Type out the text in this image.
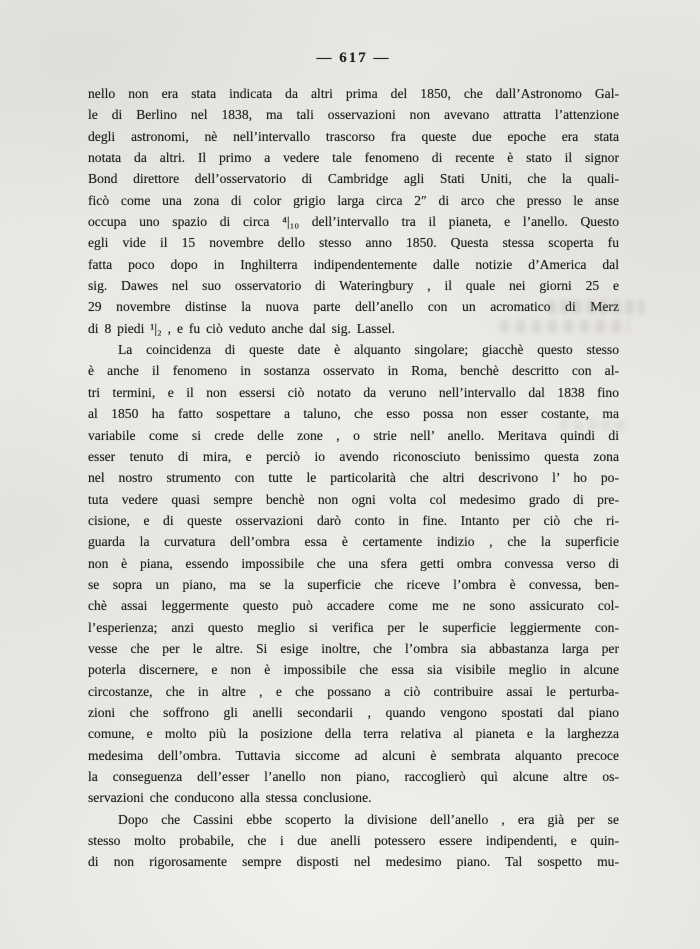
— 617 —
nello non era stata indicata da altri prima del 1850, che dall’Astronomo Gal-
le di Berlino nel 1838, ma tali osservazioni non avevano attratta l’attenzione
degli astronomi, nè nell’intervallo trascorso fra queste due epoche era stata
notata da altri. Il primo a vedere tale fenomeno di recente è stato il signor
Bond direttore dell’osservatorio di Cambridge agli Stati Uniti, che la quali-
ficò come una zona di color grigio larga circa 2″ di arco che presso le anse
occupa uno spazio di circa ⁴|₁₀ dell’intervallo tra il pianeta, e l’anello. Questo
egli vide il 15 novembre dello stesso anno 1850. Questa stessa scoperta fu
fatta poco dopo in Inghilterra indipendentemente dalle notizie d’America dal
sig. Dawes nel suo osservatorio di Wateringbury , il quale nei giorni 25 e
29 novembre distinse la nuova parte dell’anello con un acromatico di Merz
di 8 piedi ¹|₂ , e fu ciò veduto anche dal sig. Lassel.
La coincidenza di queste date è alquanto singolare; giacchè questo stesso
è anche il fenomeno in sostanza osservato in Roma, benchè descritto con al-
tri termini, e il non essersi ciò notato da veruno nell’intervallo dal 1838 fino
al 1850 ha fatto sospettare a taluno, che esso possa non esser costante, ma
variabile come si crede delle zone , o strie nell’ anello. Meritava quindi di
esser tenuto di mira, e perciò io avendo riconosciuto benissimo questa zona
nel nostro strumento con tutte le particolarità che altri descrivono l’ ho po-
tuta vedere quasi sempre benchè non ogni volta col medesimo grado di pre-
cisione, e di queste osservazioni darò conto in fine. Intanto per ciò che ri-
guarda la curvatura dell’ombra essa è certamente indizio , che la superficie
non è piana, essendo impossibile che una sfera getti ombra convessa verso di
se sopra un piano, ma se la superficie che riceve l’ombra è convessa, ben-
chè assai leggermente questo può accadere come me ne sono assicurato col-
l’esperienza; anzi questo meglio si verifica per le superficie leggiermente con-
vesse che per le altre. Si esige inoltre, che l’ombra sia abbastanza larga per
poterla discernere, e non è impossibile che essa sia visibile meglio in alcune
circostanze, che in altre , e che possano a ciò contribuire assai le perturba-
zioni che soffrono gli anelli secondarii , quando vengono spostati dal piano
comune, e molto più la posizione della terra relativa al pianeta e la larghezza
medesima dell’ombra. Tuttavia siccome ad alcuni è sembrata alquanto precoce
la conseguenza dell’esser l’anello non piano, raccoglierò quì alcune altre os-
servazioni che conducono alla stessa conclusione.
Dopo che Cassini ebbe scoperto la divisione dell’anello , era già per se
stesso molto probabile, che i due anelli potessero essere indipendenti, e quin-
di non rigorosamente sempre disposti nel medesimo piano. Tal sospetto mu-
